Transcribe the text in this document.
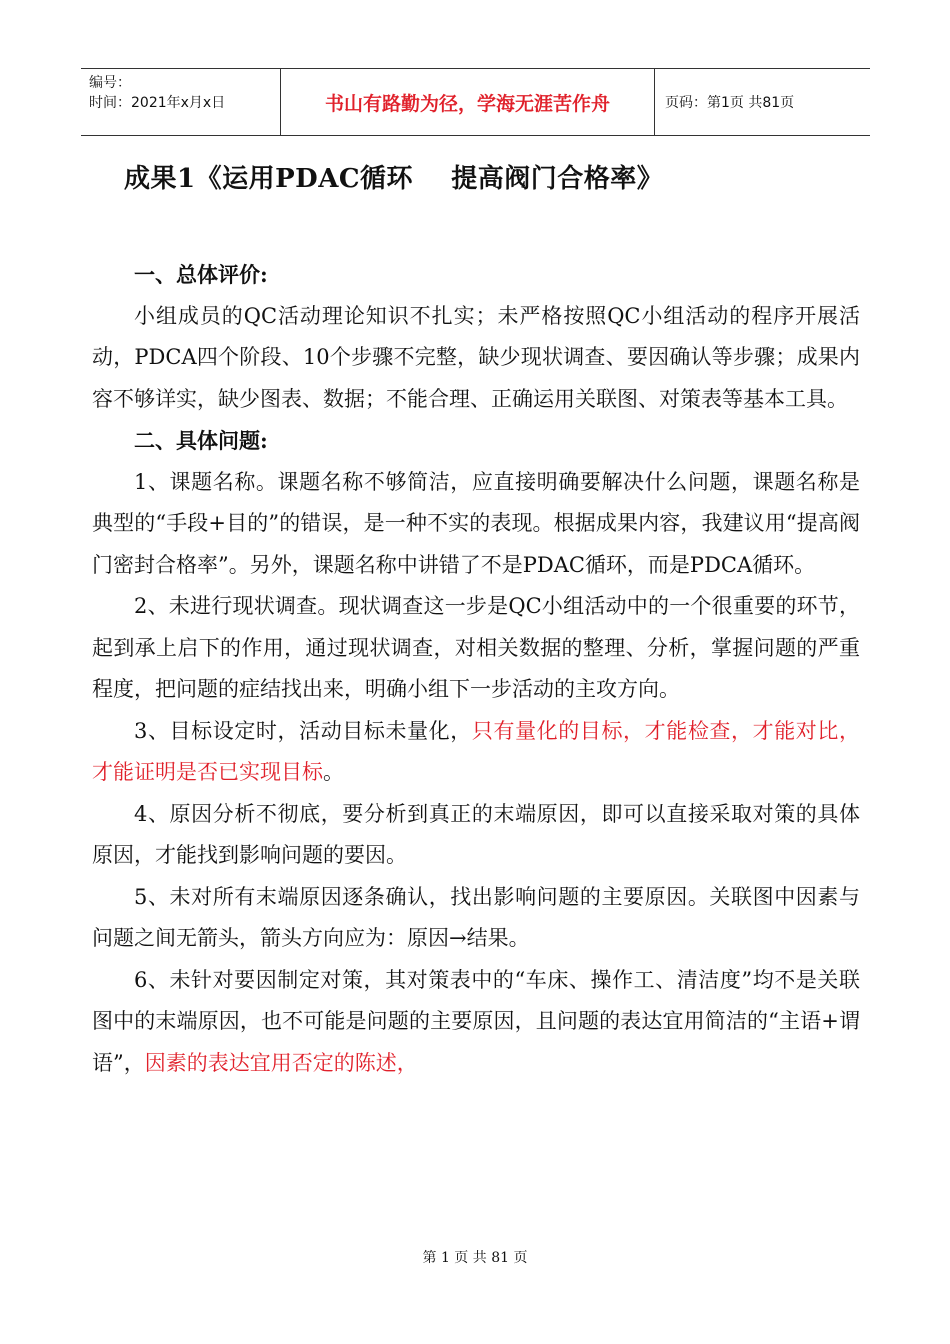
编号：
时间：2021年x月x日	书山有路勤为径，学海无涯苦作舟	页码：第1页 共81页
成果1《运用PDAC循环    提高阀门合格率》

一、总体评价:

小组成员的QC活动理论知识不扎实；未严格按照QC小组活动的程序开展活动，PDCA四个阶段、10个步骤不完整，缺少现状调查、要因确认等步骤；成果内容不够详实，缺少图表、数据；不能合理、正确运用关联图、对策表等基本工具。

二、具体问题:

1、课题名称。课题名称不够简洁，应直接明确要解决什么问题，课题名称是典型的“手段+目的”的错误，是一种不实的表现。根据成果内容，我建议用“提高阀门密封合格率”。另外，课题名称中讲错了不是PDAC循环，而是PDCA循环。

2、未进行现状调查。现状调查这一步是QC小组活动中的一个很重要的环节，起到承上启下的作用，通过现状调查，对相关数据的整理、分析，掌握问题的严重程度，把问题的症结找出来，明确小组下一步活动的主攻方向。

3、目标设定时，活动目标未量化，只有量化的目标，才能检查，才能对比，才能证明是否已实现目标。

4、原因分析不彻底，要分析到真正的末端原因，即可以直接采取对策的具体原因，才能找到影响问题的要因。

5、未对所有末端原因逐条确认，找出影响问题的主要原因。关联图中因素与问题之间无箭头，箭头方向应为：原因→结果。

6、未针对要因制定对策，其对策表中的“车床、操作工、清洁度”均不是关联图中的末端原因，也不可能是问题的主要原因，且问题的表达宜用简洁的“主语+谓语”，因素的表达宜用否定的陈述，

第 1 页 共 81 页
